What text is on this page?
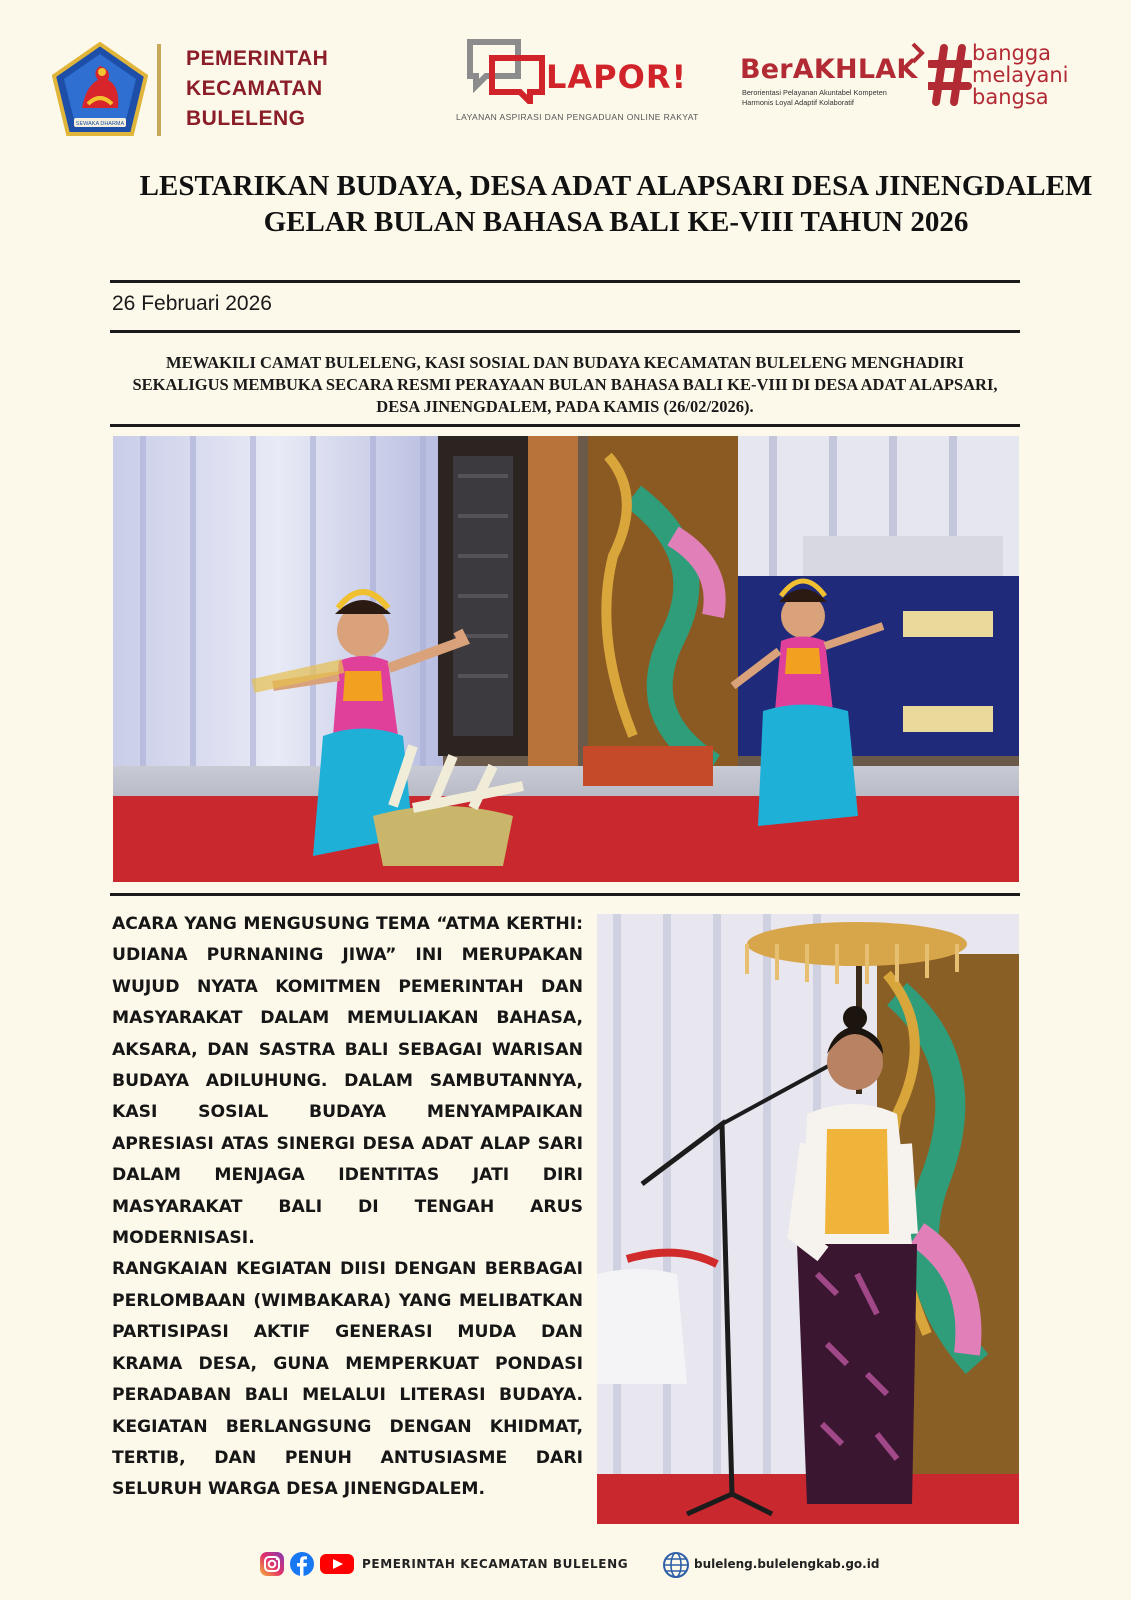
SEWAKA DHARMA
PEMERINTAH
KECAMATAN
BULELENG
LAPOR!
LAYANAN ASPIRASI DAN PENGADUAN ONLINE RAKYAT
BerAKHLAK
Berorientasi Pelayanan Akuntabel Kompeten
Harmonis Loyal Adaptif Kolaboratif
bangga
melayani
bangsa
LESTARIKAN BUDAYA, DESA ADAT ALAPSARI DESA JINENGDALEM
GELAR BULAN BAHASA BALI KE-VIII TAHUN 2026
26 Februari 2026
MEWAKILI CAMAT BULELENG, KASI SOSIAL DAN BUDAYA KECAMATAN BULELENG MENGHADIRI
SEKALIGUS MEMBUKA SECARA RESMI PERAYAAN BULAN BAHASA BALI KE-VIII DI DESA ADAT ALAPSARI,
DESA JINENGDALEM, PADA KAMIS (26/02/2026).

ACARA YANG MENGUSUNG TEMA “ATMA KERTHI: UDIANA PURNANING JIWA” INI MERUPAKAN WUJUD NYATA KOMITMEN PEMERINTAH DAN MASYARAKAT DALAM MEMULIAKAN BAHASA, AKSARA, DAN SASTRA BALI SEBAGAI WARISAN BUDAYA ADILUHUNG. DALAM SAMBUTANNYA, KASI SOSIAL BUDAYA MENYAMPAIKAN APRESIASI ATAS SINERGI DESA ADAT ALAP SARI DALAM MENJAGA IDENTITAS JATI DIRI MASYARAKAT BALI DI TENGAH ARUS MODERNISASI.

RANGKAIAN KEGIATAN DIISI DENGAN BERBAGAI PERLOMBAAN (WIMBAKARA) YANG MELIBATKAN PARTISIPASI AKTIF GENERASI MUDA DAN KRAMA DESA, GUNA MEMPERKUAT PONDASI PERADABAN BALI MELALUI LITERASI BUDAYA. KEGIATAN BERLANGSUNG DENGAN KHIDMAT, TERTIB, DAN PENUH ANTUSIASME DARI SELURUH WARGA DESA JINENGDALEM.

PEMERINTAH KECAMATAN BULELENG	buleleng.bulelengkab.go.id
